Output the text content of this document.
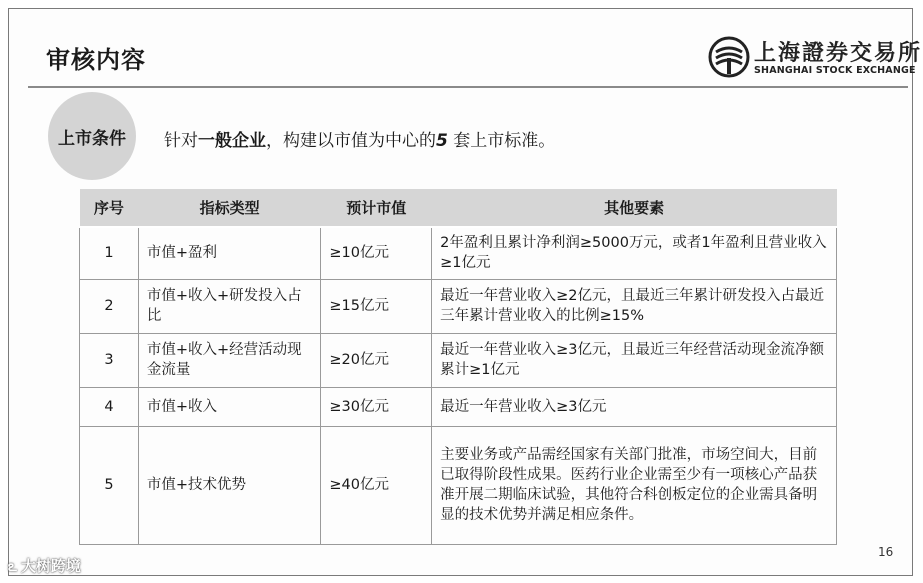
审核内容	上海證券交易所
SHANGHAI STOCK EXCHANGE
上市条件	针对一般企业，构建以市值为中心的5 套上市标准。
序号	指标类型	预计市值	其他要素
1	市值+盈利	≥10亿元	2年盈利且累计净利润≥5000万元，或者1年盈利且营业收入≥1亿元
2	市值+收入+研发投入占比	≥15亿元	最近一年营业收入≥2亿元，且最近三年累计研发投入占最近三年累计营业收入的比例≥15%
3	市值+收入+经营活动现金流量	≥20亿元	最近一年营业收入≥3亿元，且最近三年经营活动现金流净额累计≥1亿元
4	市值+收入	≥30亿元	最近一年营业收入≥3亿元
5	市值+技术优势	≥40亿元	主要业务或产品需经国家有关部门批准，市场空间大，目前已取得阶段性成果。医药行业企业需至少有一项核心产品获准开展二期临床试验，其他符合科创板定位的企业需具备明显的技术优势并满足相应条件。
16
ఽ 大树跨境
